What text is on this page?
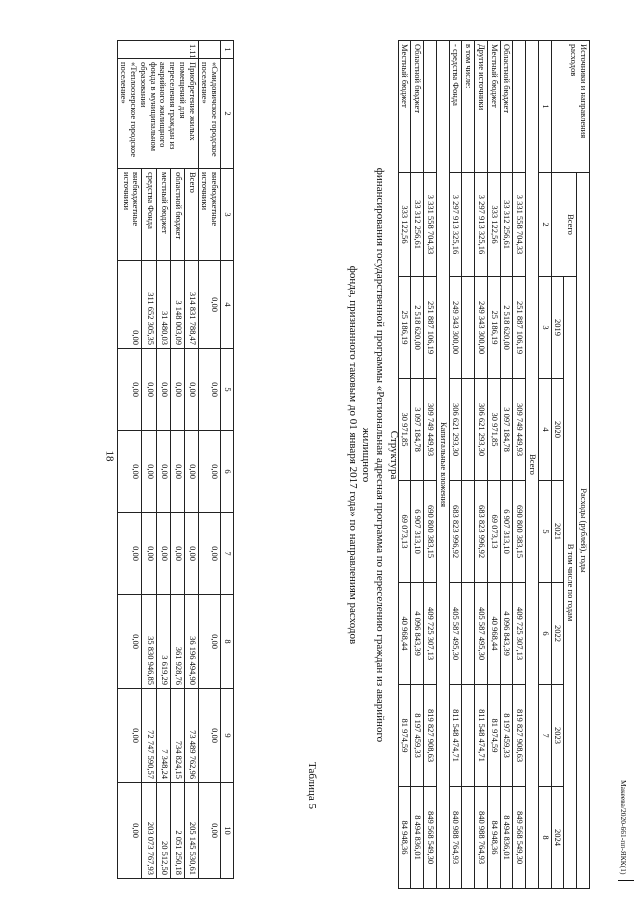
18
1	2	3	4	5	6	7	8	9	10
	«Смидовичское городское поселение»	внебюджетные источники	0,00	0,00	0,00	0,00	0,00	0,00	0,00
1.11	Приобретение жилых помещений для переселения граждан из аварийного жилищного фонда в муниципальном образовании «Теплоозерское городское поселение»	Всего	314 831 788,47	0,00	0,00	0,00	36 196 494,90	73 489 762,96	205 145 530,61
		областной бюджет	3 148 003,09	0,00	0,00	0,00	361 928,76	734 824,15	2 051 250,18
		местный бюджет	31 480,03	0,00	0,00	0,00	3 619,29	7 348,24	20 512,50
		средства Фонда	311 652 305,35	0,00	0,00	0,00	35 830 946,85	72 747 590,57	203 073 767,93
		внебюджетные источники	0,00	0,00	0,00	0,00	0,00	0,00	0,00
Таблица 5
Структура
финансирования государственной программы «Региональная адресная программа по переселению граждан из аварийного жилищного
фонда, признанного таковым до 01 января 2017 года» по направлениям расходов
Источники и направления расходов	Расходы (рублей), годы						
	Всего	В том числе по годам					
		2019	2020	2021	2022	2023	2024
1	2	3	4	5	6	7	8
Всего							
	3 331 558 704,33	251 887 106,19	309 749 449,93	690 800 383,15	409 725 307,13	819 827 908,63	849 568 549,30
Областной бюджет	33 312 256,61	2 518 620,00	3 097 184,78	6 907 313,10	4 096 843,39	8 197 459,33	8 494 836,01
Местный бюджет	333 122,56	25 186,19	30 971,85	69 073,13	40 968,44	81 974,59	84 948,36
Другие источники	3 297 913 325,16	249 343 300,00	306 621 293,30	683 823 996,92	405 587 495,30	811 548 474,71	840 988 764,93
в том числе:							
- средства Фонда	3 297 913 325,16	249 343 300,00	306 621 293,30	683 823 996,92	405 587 495,30	811 548 474,71	840 988 764,93
Капитальные вложения							
	3 331 558 704,33	251 887 106,19	309 749 449,93	690 800 383,15	409 725 307,13	819 827 908,63	849 568 549,30
Областной бюджет	33 312 256,61	2 518 620,00	3 097 184,78	6 907 313,10	4 096 843,39	8 197 459,33	8 494 836,01
Местный бюджет	333 122,56	25 186,19	30 971,85	69 073,13	40 968,44	81 974,59	84 948,36	Макеева/2020-661-пп-ЯКК(1)
